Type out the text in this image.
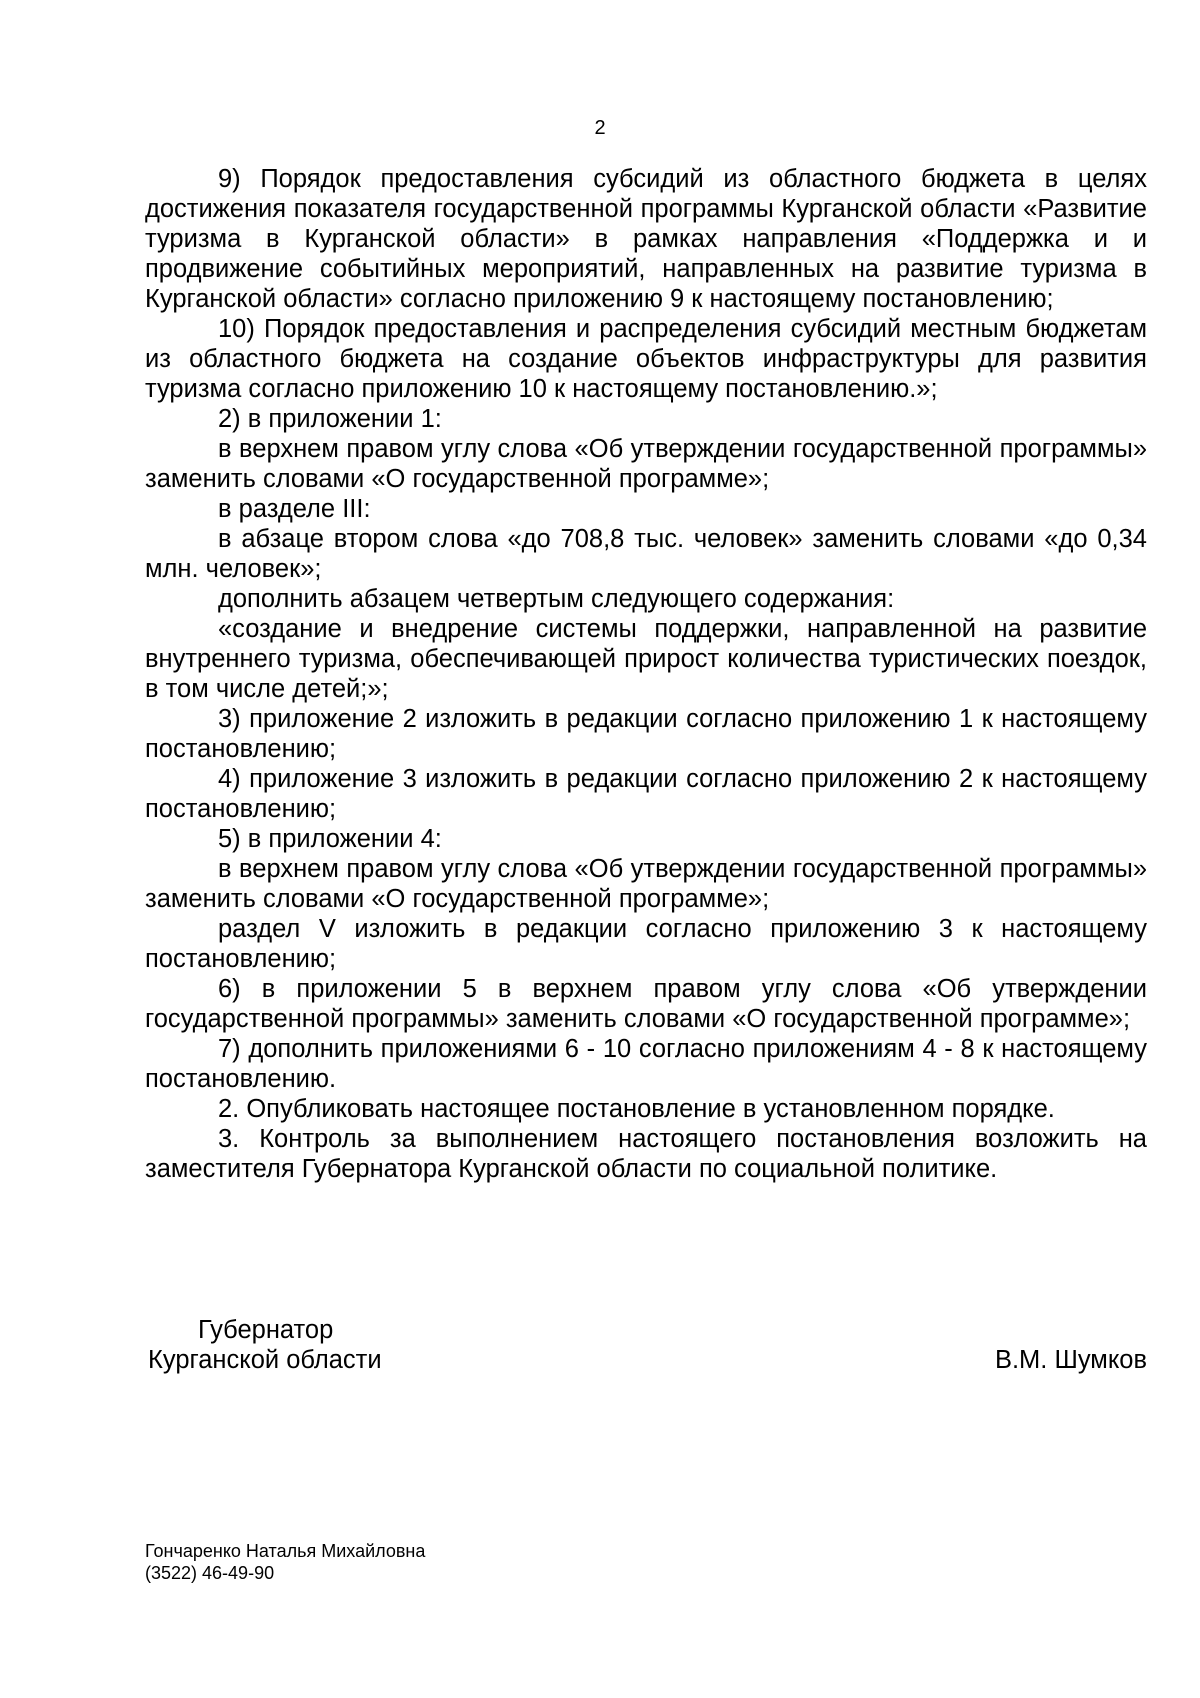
2

9) Порядок предоставления субсидий из областного бюджета в целях достижения показателя государственной программы Курганской области «Развитие туризма в Курганской области» в рамках направления «Поддержка и и продвижение событийных мероприятий, направленных на развитие туризма в Курганской области» согласно приложению 9 к настоящему постановлению;

10) Порядок предоставления и распределения субсидий местным бюджетам из областного бюджета на создание объектов инфраструктуры для развития туризма согласно приложению 10 к настоящему постановлению.»;

2) в приложении 1:

в верхнем правом углу слова «Об утверждении государственной программы» заменить словами «О государственной программе»;

в разделе III:

в абзаце втором слова «до 708,8 тыс. человек» заменить словами «до 0,34 млн. человек»;

дополнить абзацем четвертым следующего содержания:

«создание и внедрение системы поддержки, направленной на развитие внутреннего туризма, обеспечивающей прирост количества туристических поездок, в том числе детей;»;

3) приложение 2 изложить в редакции согласно приложению 1 к настоящему постановлению;

4) приложение 3 изложить в редакции согласно приложению 2 к настоящему постановлению;

5) в приложении 4:

в верхнем правом углу слова «Об утверждении государственной программы» заменить словами «О государственной программе»;

раздел V изложить в редакции согласно приложению 3 к настоящему постановлению;

6) в приложении 5 в верхнем правом углу слова «Об утверждении государственной программы» заменить словами «О государственной программе»;

7) дополнить приложениями 6 - 10 согласно приложениям 4 - 8 к настоящему постановлению.

2. Опубликовать настоящее постановление в установленном порядке.

3. Контроль за выполнением настоящего постановления возложить на заместителя Губернатора Курганской области по социальной политике.

Губернатор
Курганской области	В.М. Шумков
Гончаренко Наталья Михайловна
(3522) 46-49-90
